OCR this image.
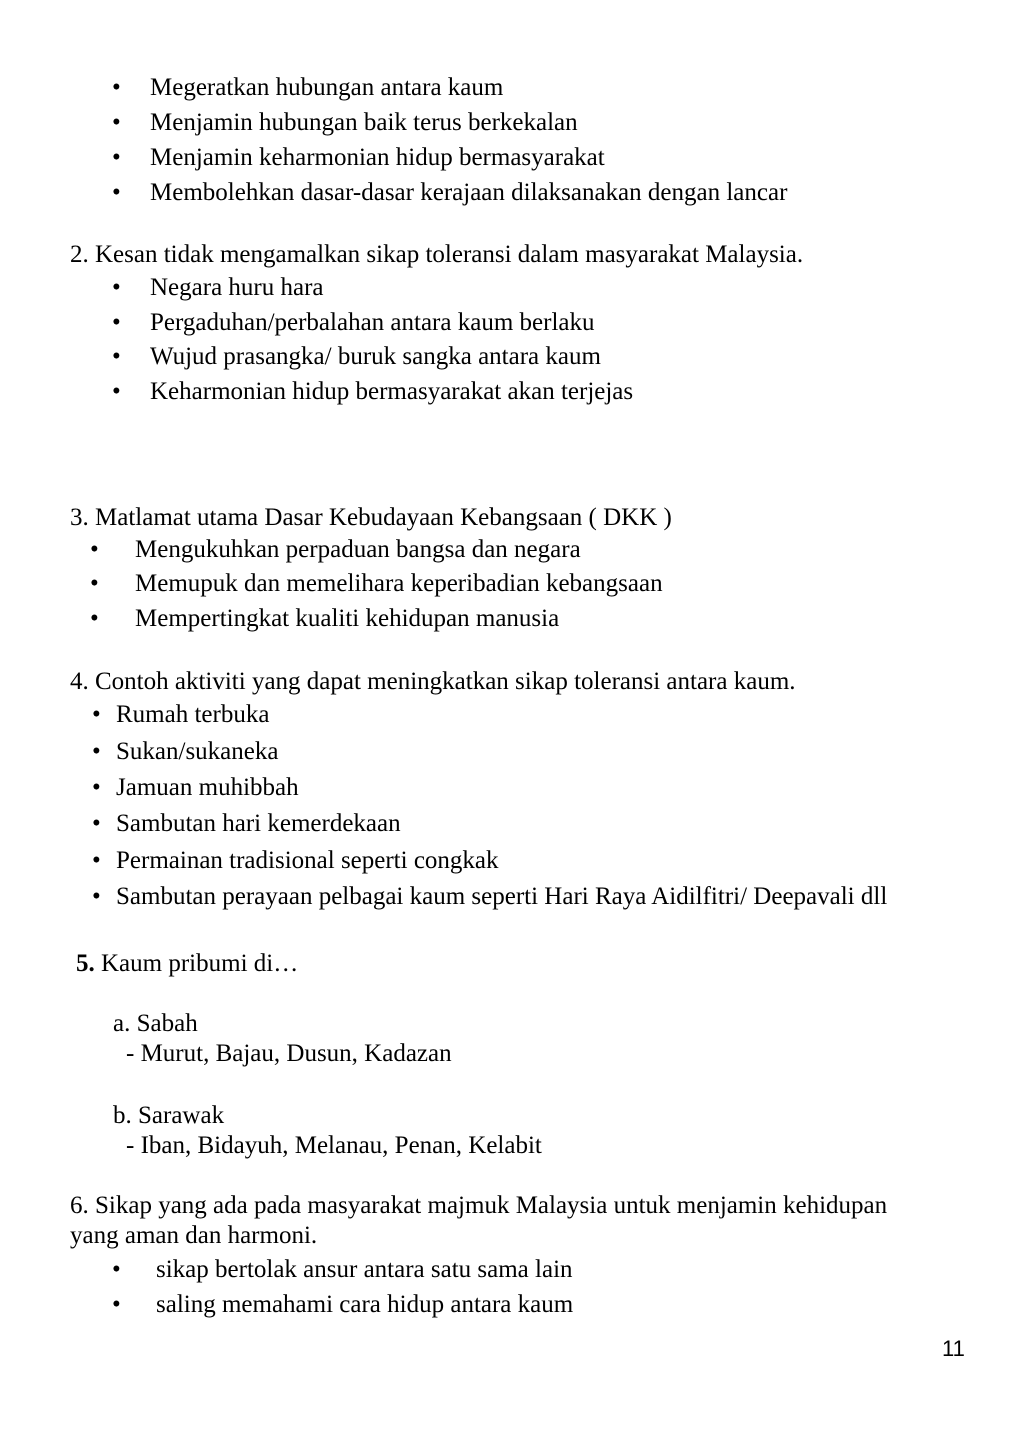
• Megeratkan hubungan antara kaum
• Menjamin hubungan baik terus berkekalan
• Menjamin keharmonian hidup bermasyarakat
• Membolehkan dasar-dasar kerajaan dilaksanakan dengan lancar
2. Kesan tidak mengamalkan sikap toleransi dalam masyarakat Malaysia.
• Negara huru hara
• Pergaduhan/perbalahan antara kaum berlaku
• Wujud prasangka/ buruk sangka antara kaum
• Keharmonian hidup bermasyarakat akan terjejas
3. Matlamat utama Dasar Kebudayaan Kebangsaan ( DKK )
• Mengukuhkan perpaduan bangsa dan negara
• Memupuk dan memelihara keperibadian kebangsaan
• Mempertingkat kualiti kehidupan manusia
4. Contoh aktiviti yang dapat meningkatkan sikap toleransi antara kaum.
• Rumah terbuka
• Sukan/sukaneka
• Jamuan muhibbah
• Sambutan hari kemerdekaan
• Permainan tradisional seperti congkak
• Sambutan perayaan pelbagai kaum seperti Hari Raya Aidilfitri/ Deepavali dll
5. Kaum pribumi di…
a. Sabah
- Murut, Bajau, Dusun, Kadazan
b. Sarawak
- Iban, Bidayuh, Melanau, Penan, Kelabit
6. Sikap yang ada pada masyarakat majmuk Malaysia untuk menjamin kehidupan
yang aman dan harmoni.
• sikap bertolak ansur antara satu sama lain
• saling memahami cara hidup antara kaum
11
